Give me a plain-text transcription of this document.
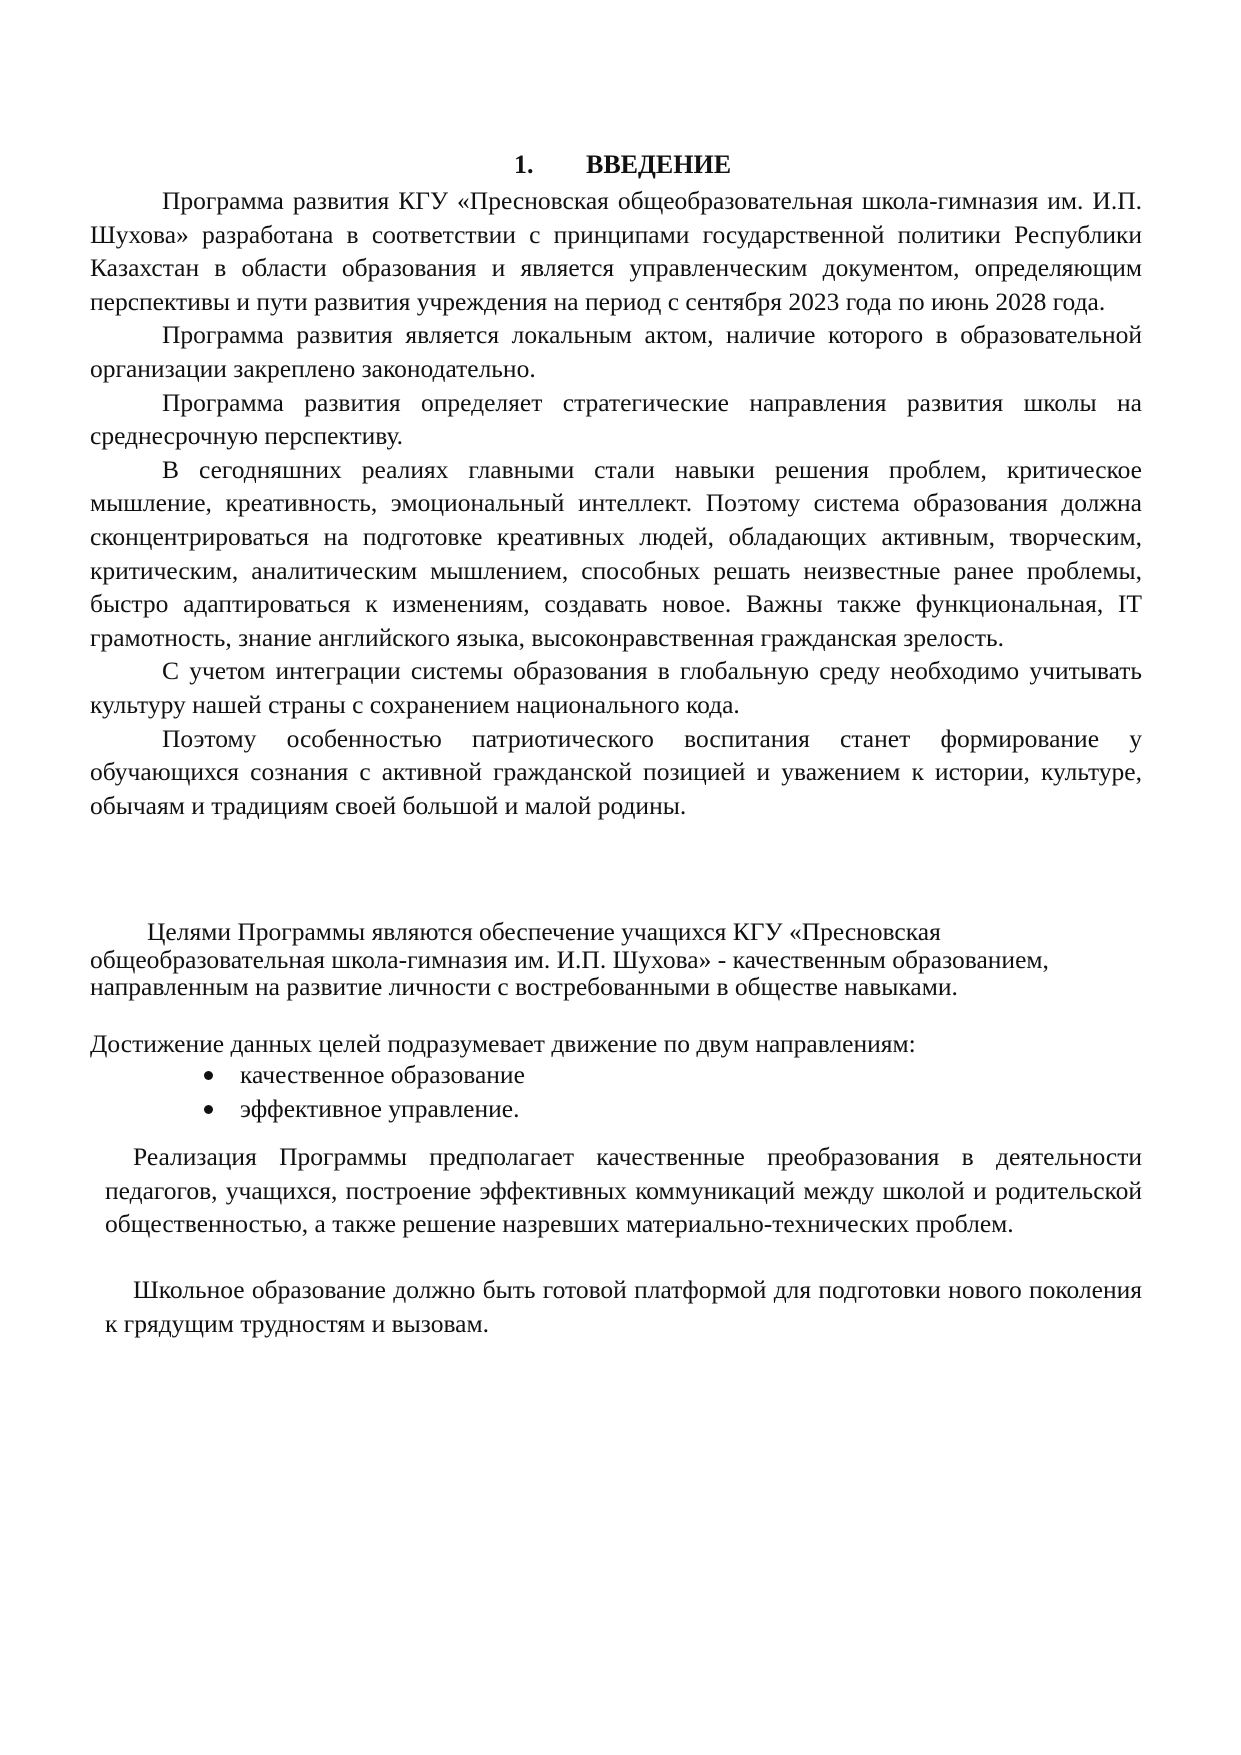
1. ВВЕДЕНИЕ

Программа развития КГУ «Пресновская общеобразовательная школа-гимназия им. И.П. Шухова» разработана в соответствии с принципами государственной политики Республики Казахстан в области образования и является управленческим документом, определяющим перспективы и пути развития учреждения на период с сентября 2023 года по июнь 2028 года.

Программа развития является локальным актом, наличие которого в образовательной организации закреплено законодательно.

Программа развития определяет стратегические направления развития школы на среднесрочную перспективу.

В сегодняшних реалиях главными стали навыки решения проблем, критическое мышление, креативность, эмоциональный интеллект. Поэтому система образования должна сконцентрироваться на подготовке креативных людей, обладающих активным, творческим, критическим, аналитическим мышлением, способных решать неизвестные ранее проблемы, быстро адаптироваться к изменениям, создавать новое. Важны также функциональная, IT грамотность, знание английского языка, высоконравственная гражданская зрелость.

С учетом интеграции системы образования в глобальную среду необходимо учитывать культуру нашей страны с сохранением национального кода.

Поэтому особенностью патриотического воспитания станет формирование у обучающихся сознания с активной гражданской позицией и уважением к истории, культуре, обычаям и традициям своей большой и малой родины.

Целями Программы являются обеспечение учащихся КГУ «Пресновская общеобразовательная школа-гимназия им. И.П. Шухова» - качественным образованием, направленным на развитие личности с востребованными в обществе навыками.

Достижение данных целей подразумевает движение по двум направлениям:

качественное образование
эффективное управление.

Реализация Программы предполагает качественные преобразования в деятельности педагогов, учащихся, построение эффективных коммуникаций между школой и родительской общественностью, а также решение назревших материально-технических проблем.

Школьное образование должно быть готовой платформой для подготовки нового поколения к грядущим трудностям и вызовам.
